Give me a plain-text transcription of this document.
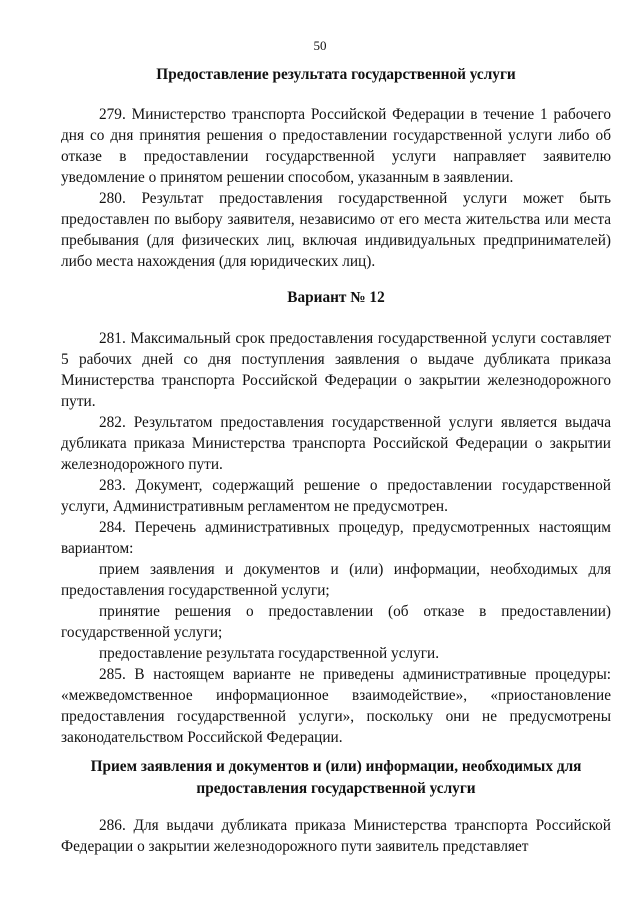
50
Предоставление результата государственной услуги

279. Министерство транспорта Российской Федерации в течение 1 рабочего дня со дня принятия решения о предоставлении государственной услуги либо об отказе в предоставлении государственной услуги направляет заявителю уведомление о принятом решении способом, указанным в заявлении.

280. Результат предоставления государственной услуги может быть предоставлен по выбору заявителя, независимо от его места жительства или места пребывания (для физических лиц, включая индивидуальных предпринимателей) либо места нахождения (для юридических лиц).

Вариант № 12

281. Максимальный срок предоставления государственной услуги составляет 5 рабочих дней со дня поступления заявления о выдаче дубликата приказа Министерства транспорта Российской Федерации о закрытии железнодорожного пути.

282. Результатом предоставления государственной услуги является выдача дубликата приказа Министерства транспорта Российской Федерации о закрытии железнодорожного пути.

283. Документ, содержащий решение о предоставлении государственной услуги, Административным регламентом не предусмотрен.

284. Перечень административных процедур, предусмотренных настоящим вариантом:

прием заявления и документов и (или) информации, необходимых для предоставления государственной услуги;

принятие решения о предоставлении (об отказе в предоставлении) государственной услуги;

предоставление результата государственной услуги.

285. В настоящем варианте не приведены административные процедуры: «межведомственное информационное взаимодействие», «приостановление предоставления государственной услуги», поскольку они не предусмотрены законодательством Российской Федерации.

Прием заявления и документов и (или) информации, необходимых для
предоставления государственной услуги

286. Для выдачи дубликата приказа Министерства транспорта Российской Федерации о закрытии железнодорожного пути заявитель представляет
